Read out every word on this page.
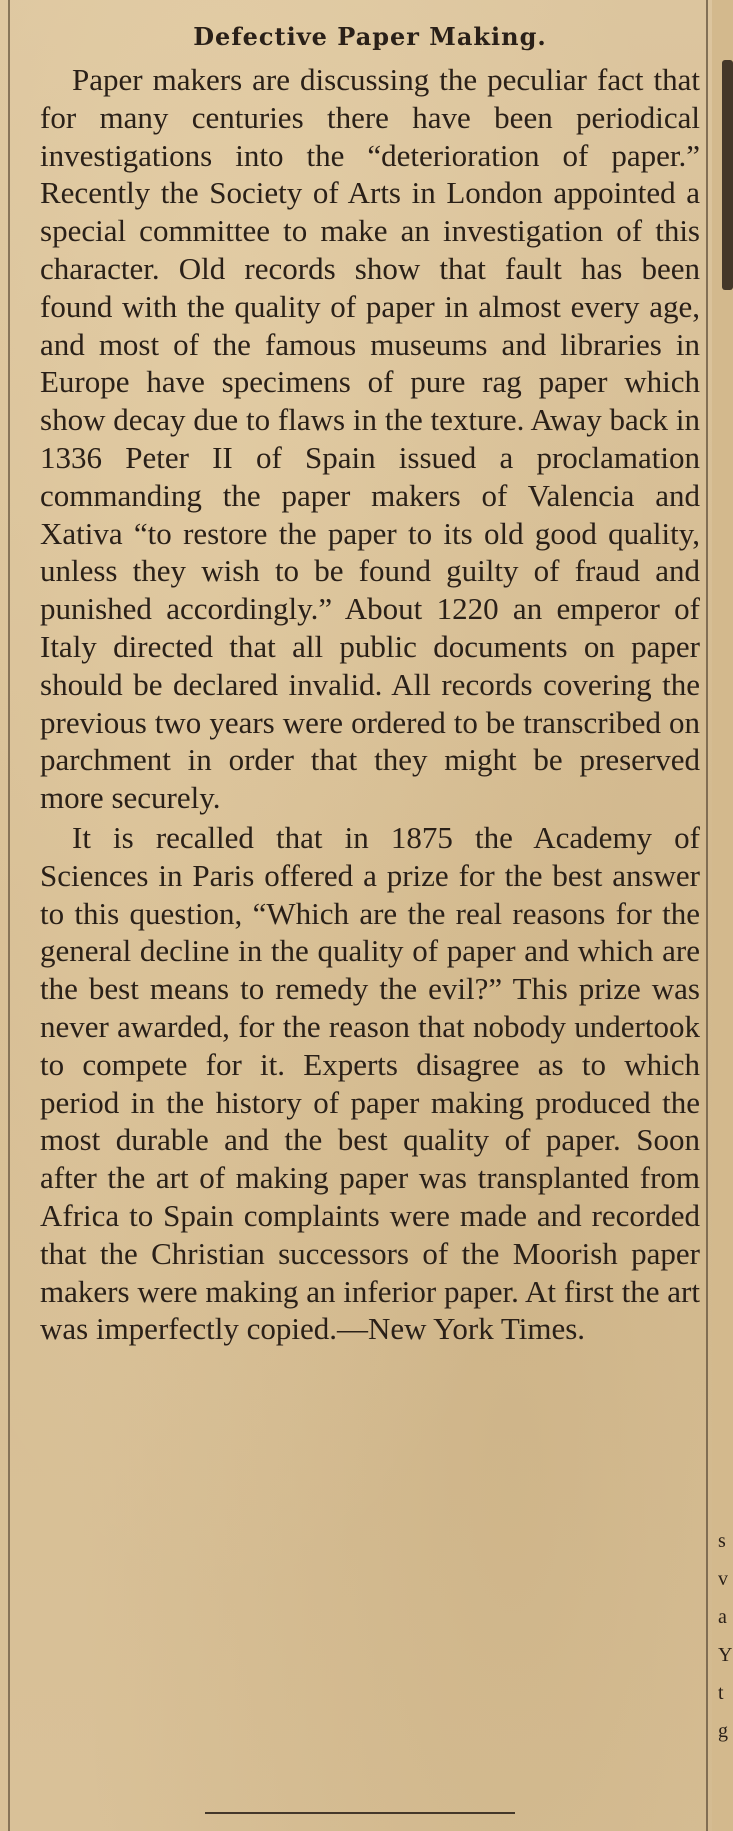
s
v
a
Y
t
g
Defective Paper Making.

Paper makers are discussing the peculiar fact that for many centuries there have been periodical investigations into the “deterioration of paper.” Recently the Society of Arts in London appointed a special committee to make an investigation of this character. Old records show that fault has been found with the quality of paper in almost every age, and most of the famous museums and libraries in Europe have specimens of pure rag paper which show decay due to flaws in the texture. Away back in 1336 Peter II of Spain issued a proclamation commanding the paper makers of Valencia and Xativa “to restore the paper to its old good quality, unless they wish to be found guilty of fraud and punished accordingly.” About 1220 an emperor of Italy directed that all public documents on paper should be declared invalid. All records covering the previous two years were ordered to be transcribed on parchment in order that they might be preserved more securely.

It is recalled that in 1875 the Academy of Sciences in Paris offered a prize for the best answer to this question, “Which are the real reasons for the general decline in the quality of paper and which are the best means to remedy the evil?” This prize was never awarded, for the reason that nobody undertook to compete for it. Experts disagree as to which period in the history of paper making produced the most durable and the best quality of paper. Soon after the art of making paper was transplanted from Africa to Spain complaints were made and recorded that the Christian successors of the Moorish paper makers were making an inferior paper. At first the art was imperfectly copied.—New York Times.
